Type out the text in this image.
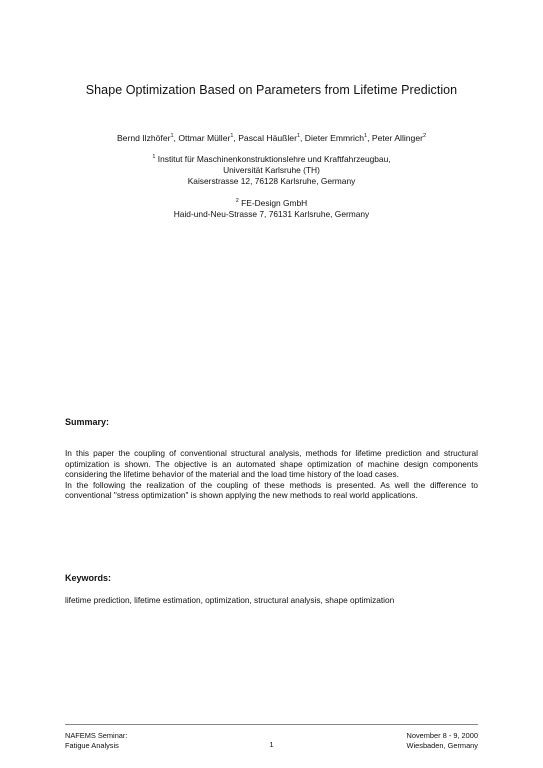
Shape Optimization Based on Parameters from Lifetime Prediction
Bernd Ilzhöfer$^1$, Ottmar Müller$^1$, Pascal Häußler$^1$, Dieter Emmrich$^1$, Peter Allinger$^2$

$^1$ Institut für Maschinenkonstruktionslehre und Kraftfahrzeugbau,

Universität Karlsruhe (TH)

Kaiserstrasse 12, 76128 Karlsruhe, Germany

$^2$ FE-Design GmbH

Haid-und-Neu-Strasse 7, 76131 Karlsruhe, Germany

Summary:

In this paper the coupling of conventional structural analysis, methods for lifetime prediction and structural optimization is shown. The objective is an automated shape optimization of machine design components considering the lifetime behavior of the material and the load time history of the load cases.

In the following the realization of the coupling of these methods is presented. As well the difference to conventional "stress optimization" is shown applying the new methods to real world applications.

Keywords:
lifetime prediction, lifetime estimation, optimization, structural analysis, shape optimization

NAFEMS Seminar:

Fatigue Analysis	1

November 8 - 9, 2000

Wiesbaden, Germany
